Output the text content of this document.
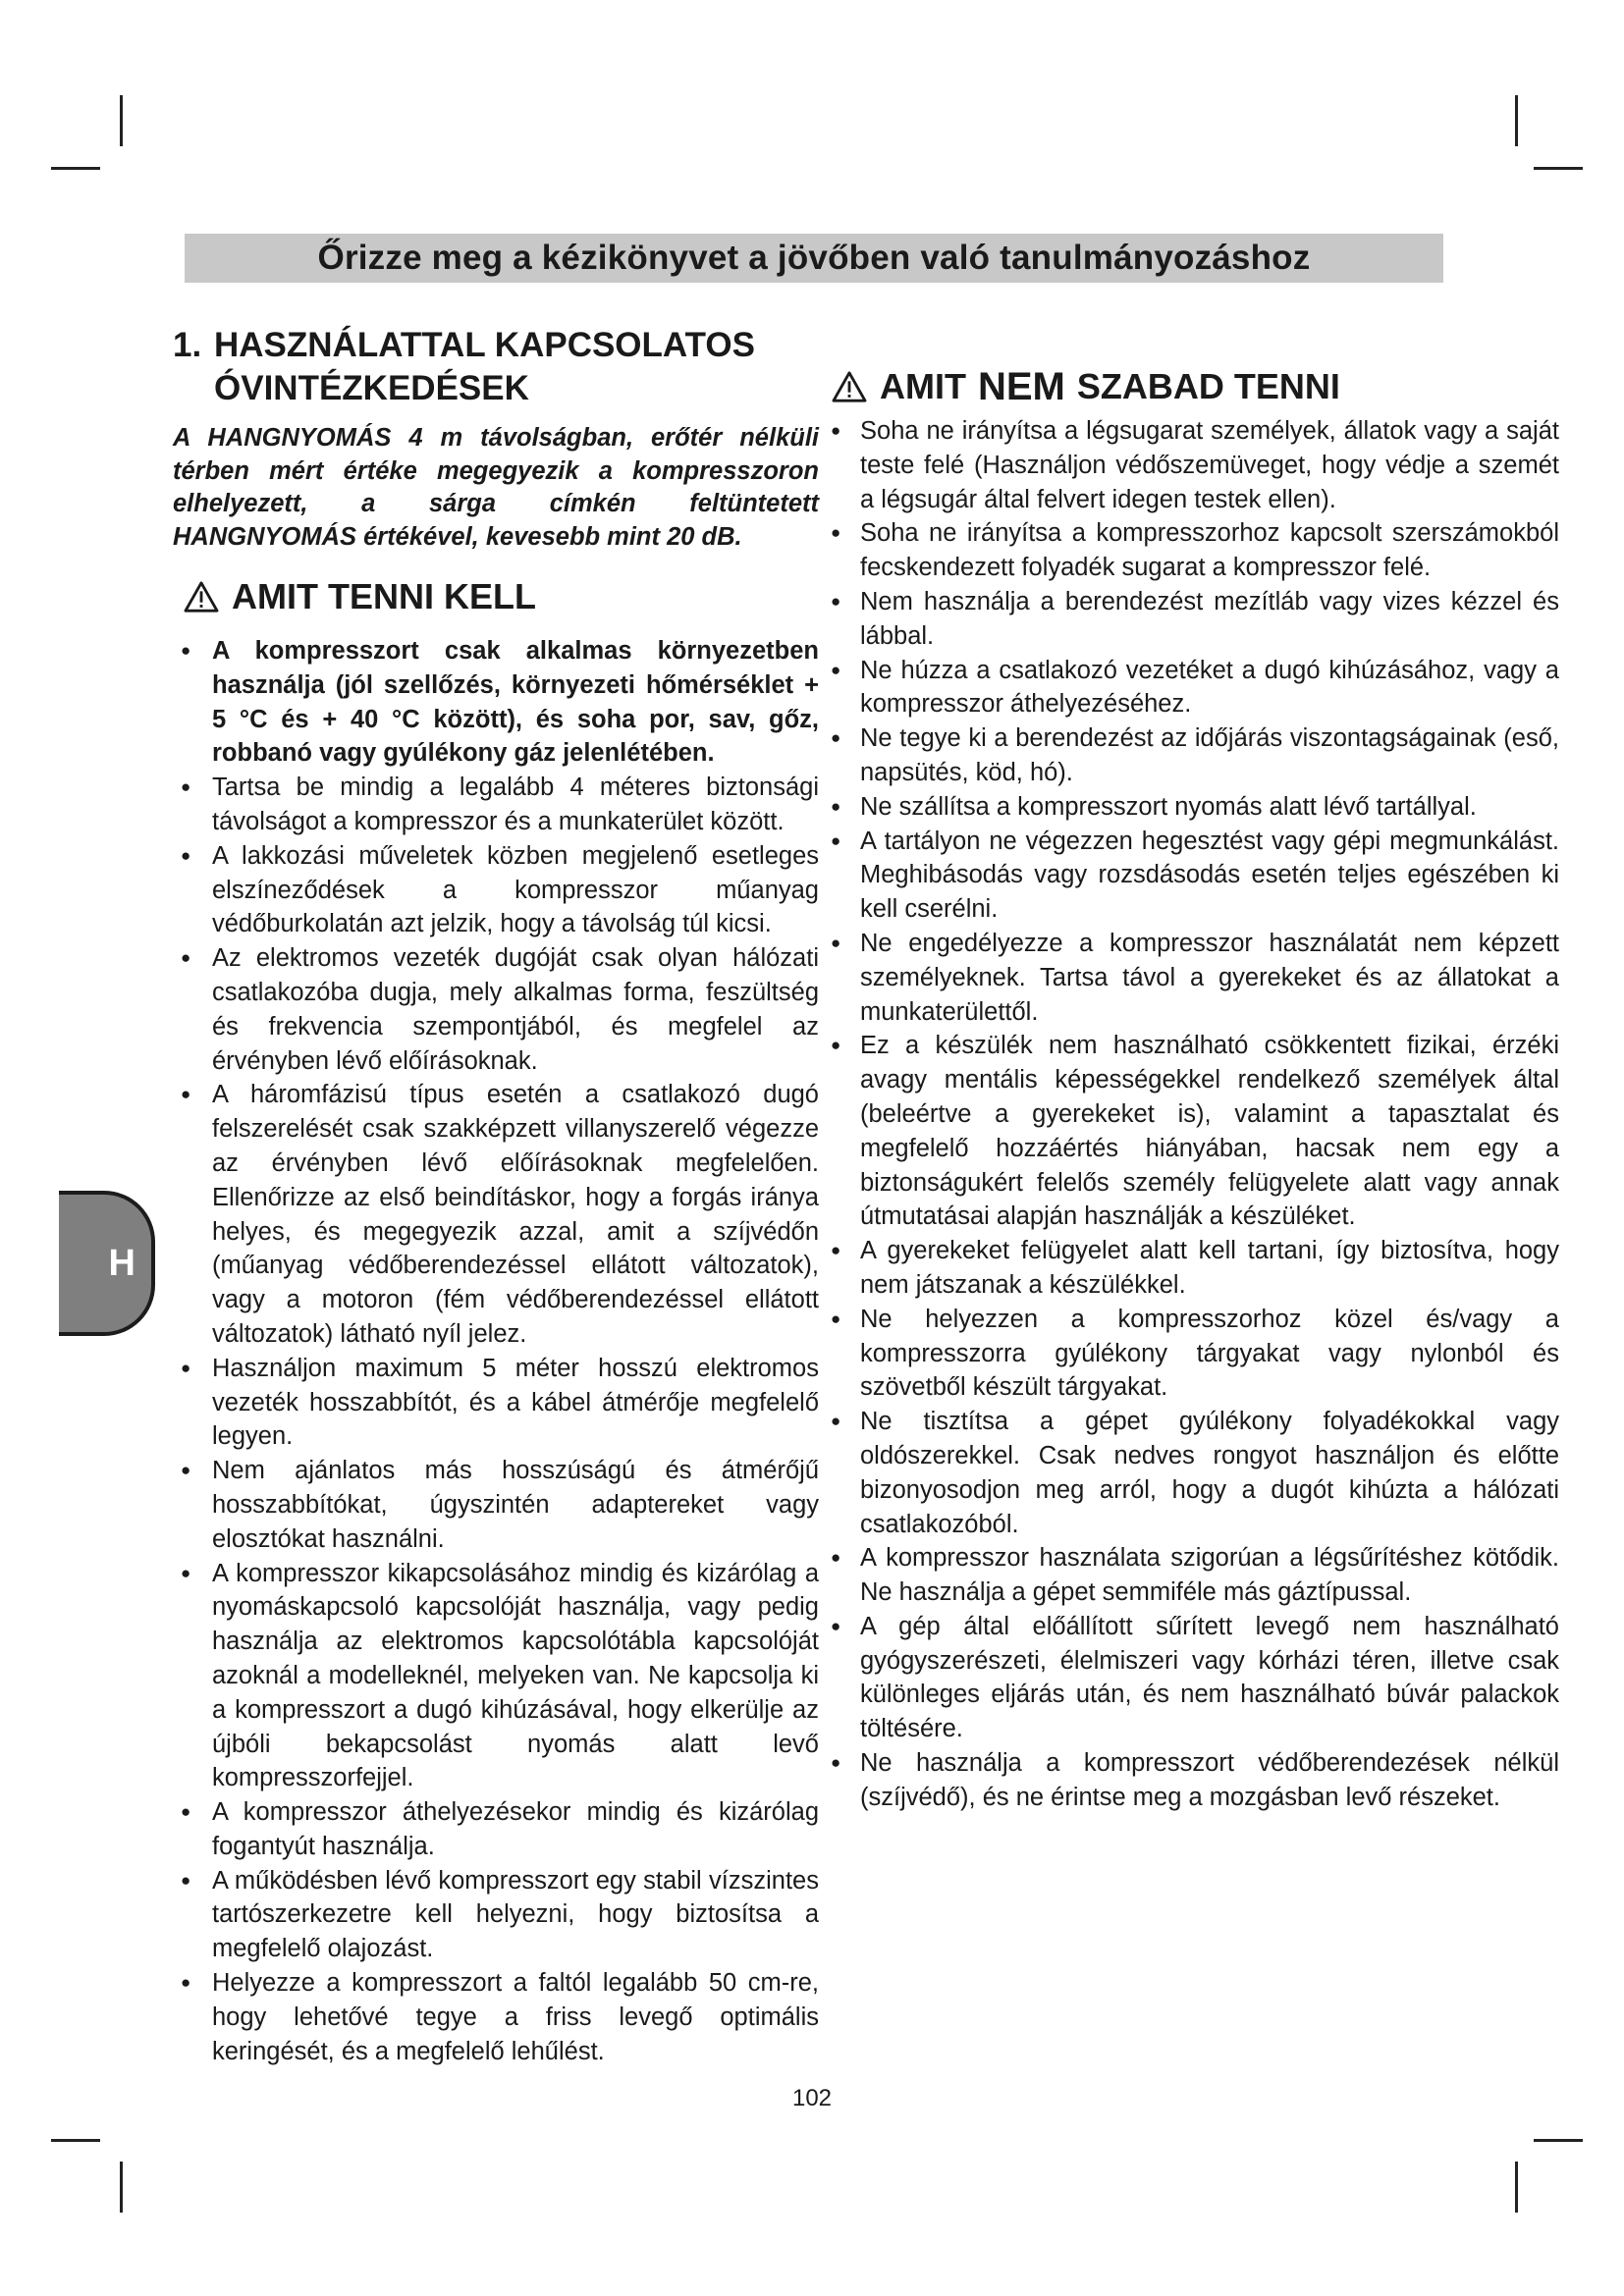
Őrizze meg a kézikönyvet a jövőben való tanulmányozáshoz
1. HASZNÁLATTAL KAPCSOLATOS
ÓVINTÉZKEDÉSEK

A HANGNYOMÁS 4 m távolságban, erőtér nélküli térben mért értéke megegyezik a kompresszoron elhelyezett, a sárga címkén feltüntetett HANGNYOMÁS értékével, kevesebb mint 20 dB.

AMIT TENNI KELL
● A kompresszort csak alkalmas környezetben használja (jól szellőzés, környezeti hőmérséklet + 5 °C és + 40 °C között), és soha por, sav, gőz, robbanó vagy gyúlékony gáz jelenlétében.
● Tartsa be mindig a legalább 4 méteres biztonsági távolságot a kompresszor és a munkaterület között.
● A lakkozási műveletek közben megjelenő esetleges elszíneződések a kompresszor műanyag védőburkolatán azt jelzik, hogy a távolság túl kicsi.
● Az elektromos vezeték dugóját csak olyan hálózati csatlakozóba dugja, mely alkalmas forma, feszültség és frekvencia szempontjából, és megfelel az érvényben lévő előírásoknak.
● A háromfázisú típus esetén a csatlakozó dugó felszerelését csak szakképzett villanyszerelő végezze az érvényben lévő előírásoknak megfelelően. Ellenőrizze az első beindításkor, hogy a forgás iránya helyes, és megegyezik azzal, amit a szíjvédőn (műanyag védőberendezéssel ellátott változatok), vagy a motoron (fém védőberendezéssel ellátott változatok) látható nyíl jelez.
● Használjon maximum 5 méter hosszú elektromos vezeték hosszabbítót, és a kábel átmérője megfelelő legyen.
● Nem ajánlatos más hosszúságú és átmérőjű hosszabbítókat, úgyszintén adaptereket vagy elosztókat használni.
● A kompresszor kikapcsolásához mindig és kizárólag a nyomáskapcsoló kapcsolóját használja, vagy pedig használja az elektromos kapcsolótábla kapcsolóját azoknál a modelleknél, melyeken van. Ne kapcsolja ki a kompresszort a dugó kihúzásával, hogy elkerülje az újbóli bekapcsolást nyomás alatt levő kompresszorfejjel.
● A kompresszor áthelyezésekor mindig és kizárólag fogantyút használja.
● A működésben lévő kompresszort egy stabil vízszintes tartószerkezetre kell helyezni, hogy biztosítsa a megfelelő olajozást.
● Helyezze a kompresszort a faltól legalább 50 cm-re, hogy lehetővé tegye a friss levegő optimális keringését, és a megfelelő lehűlést.
AMIT NEM SZABAD TENNI
● Soha ne irányítsa a légsugarat személyek, állatok vagy a saját teste felé (Használjon védőszemüveget, hogy védje a szemét a légsugár által felvert idegen testek ellen).
● Soha ne irányítsa a kompresszorhoz kapcsolt szerszámokból fecskendezett folyadék sugarat a kompresszor felé.
● Nem használja a berendezést mezítláb vagy vizes kézzel és lábbal.
● Ne húzza a csatlakozó vezetéket a dugó kihúzásához, vagy a kompresszor áthelyezéséhez.
● Ne tegye ki a berendezést az időjárás viszontagságainak (eső, napsütés, köd, hó).
● Ne szállítsa a kompresszort nyomás alatt lévő tartállyal.
● A tartályon ne végezzen hegesztést vagy gépi megmunkálást. Meghibásodás vagy rozsdásodás esetén teljes egészében ki kell cserélni.
● Ne engedélyezze a kompresszor használatát nem képzett személyeknek. Tartsa távol a gyerekeket és az állatokat a munkaterülettől.
● Ez a készülék nem használható csökkentett fizikai, érzéki avagy mentális képességekkel rendelkező személyek által (beleértve a gyerekeket is), valamint a tapasztalat és megfelelő hozzáértés hiányában, hacsak nem egy a biztonságukért felelős személy felügyelete alatt vagy annak útmutatásai alapján használják a készüléket.
● A gyerekeket felügyelet alatt kell tartani, így biztosítva, hogy nem játszanak a készülékkel.
● Ne helyezzen a kompresszorhoz közel és/vagy a kompresszorra gyúlékony tárgyakat vagy nylonból és szövetből készült tárgyakat.
● Ne tisztítsa a gépet gyúlékony folyadékokkal vagy oldószerekkel. Csak nedves rongyot használjon és előtte bizonyosodjon meg arról, hogy a dugót kihúzta a hálózati csatlakozóból.
● A kompresszor használata szigorúan a légsűrítéshez kötődik. Ne használja a gépet semmiféle más gáztípussal.
● A gép által előállított sűrített levegő nem használható gyógyszerészeti, élelmiszeri vagy kórházi téren, illetve csak különleges eljárás után, és nem használható búvár palackok töltésére.
● Ne használja a kompresszort védőberendezések nélkül (szíjvédő), és ne érintse meg a mozgásban levő részeket.
H
102
